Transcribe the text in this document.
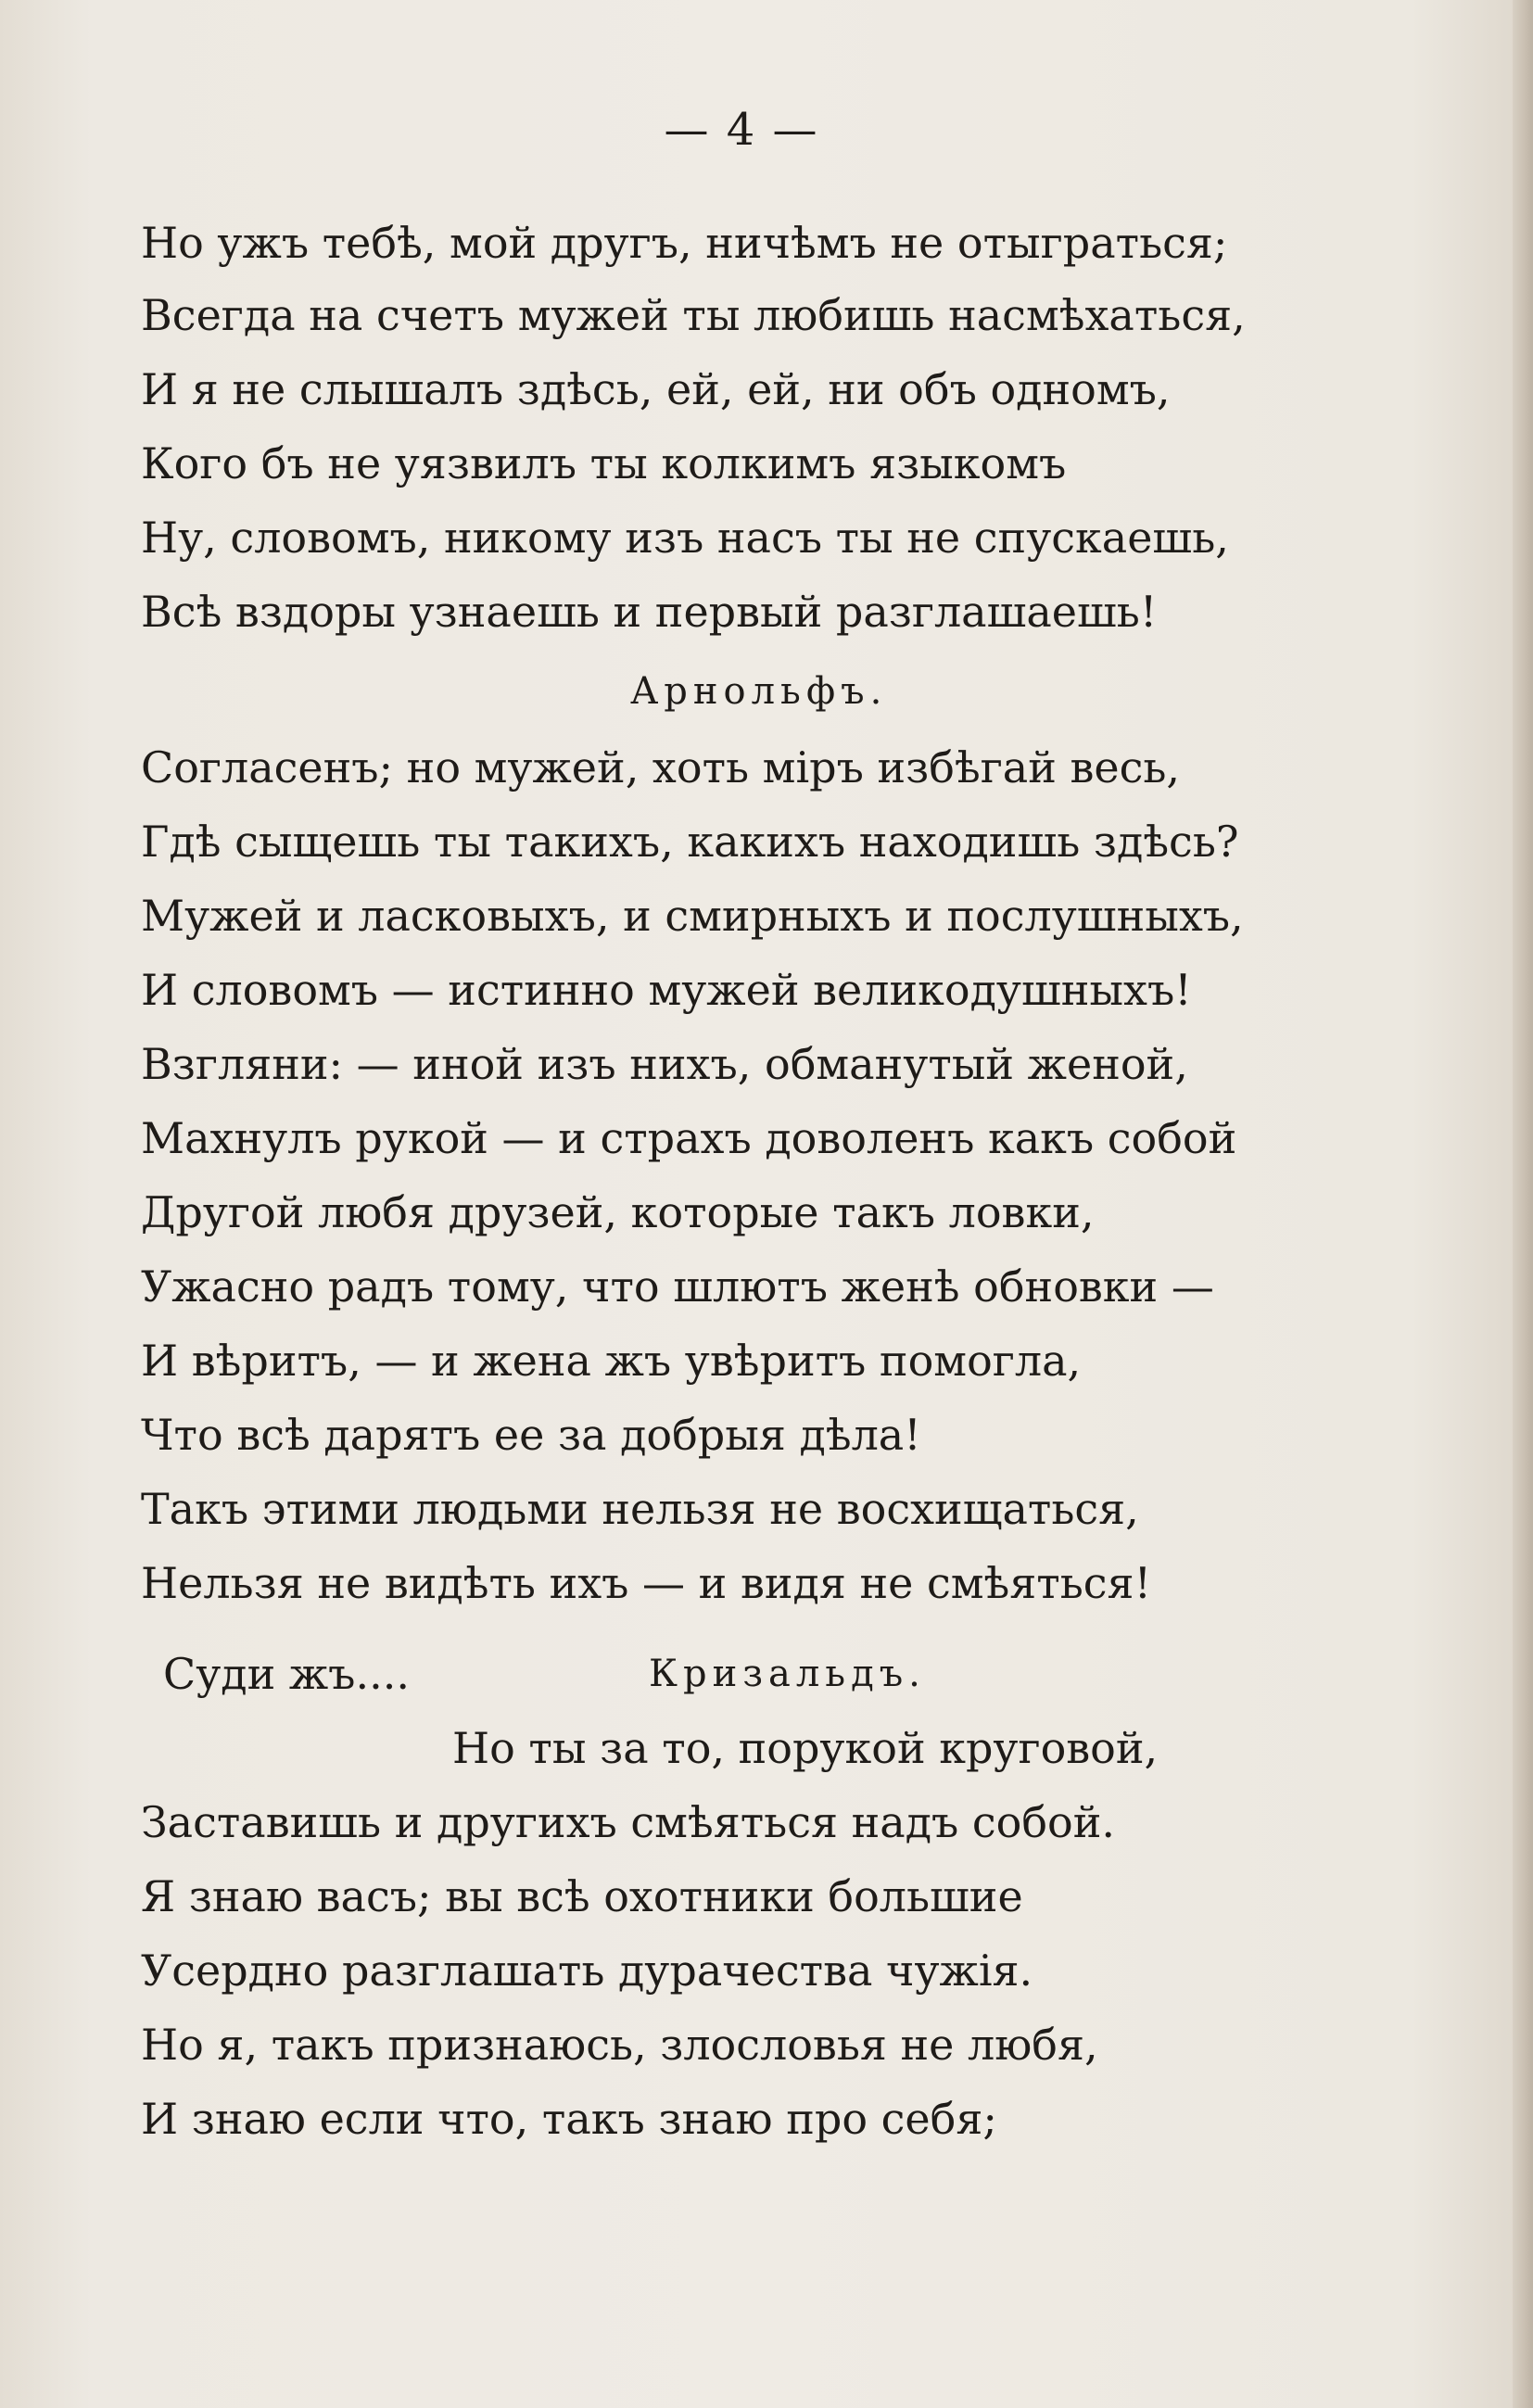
— 4 —
Но ужъ тебѣ, мой другъ, ничѣмъ не отыграться;
Всегда на счетъ мужей ты любишь насмѣхаться,
И я не слышалъ здѣсь, ей, ей, ни объ одномъ,
Кого бъ не уязвилъ ты колкимъ языкомъ
Ну, словомъ, никому изъ насъ ты не спускаешь,
Всѣ вздоры узнаешь и первый разглашаешь!
Арнольфъ.
Согласенъ; но мужей, хоть міръ избѣгай весь,
Гдѣ сыщешь ты такихъ, какихъ находишь здѣсь?
Мужей и ласковыхъ, и смирныхъ и послушныхъ,
И словомъ — истинно мужей великодушныхъ!
Взгляни: — иной изъ нихъ, обманутый женой,
Махнулъ рукой — и страхъ доволенъ какъ собой
Другой любя друзей, которые такъ ловки,
Ужасно радъ тому, что шлютъ женѣ обновки —
И вѣритъ, — и жена жъ увѣритъ помогла,
Что всѣ дарятъ ее за добрыя дѣла!
Такъ этими людьми нельзя не восхищаться,
Нельзя не видѣть ихъ — и видя не смѣяться!
Суди жъ....	Кризальдъ.
Но ты за то, порукой круговой,
Заставишь и другихъ смѣяться надъ собой.
Я знаю васъ; вы всѣ охотники большие
Усердно разглашать дурачества чужія.
Но я, такъ признаюсь, злословья не любя,
И знаю если что, такъ знаю про себя;
